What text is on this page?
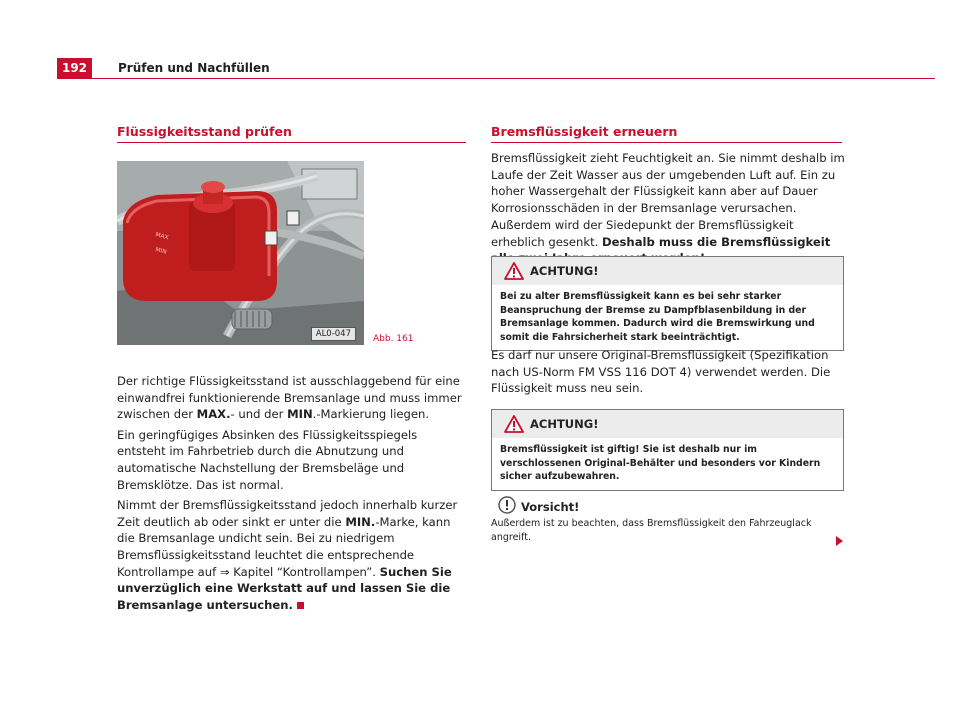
192	Prüfen und Nachfüllen
Flüssigkeitsstand prüfen
MAX
MIN
AL0-047	Abb. 161

Der richtige Flüssigkeitsstand ist ausschlaggebend für eine einwandfrei funktionierende Bremsanlage und muss immer zwischen der MAX.- und der MIN.-Markierung liegen.

Ein geringfügiges Absinken des Flüssigkeitsspiegels entsteht im Fahrbetrieb durch die Abnutzung und automatische Nachstellung der Bremsbeläge und Bremsklötze. Das ist normal.

Nimmt der Bremsflüssigkeitsstand jedoch innerhalb kurzer Zeit deutlich ab oder sinkt er unter die MIN.-Marke, kann die Bremsanlage undicht sein. Bei zu niedrigem Bremsflüssigkeitsstand leuchtet die entsprechende Kontrollampe auf ⇒ Kapitel “Kontrollampen”. Suchen Sie unverzüglich eine Werkstatt auf und lassen Sie die Bremsanlage untersuchen.

Bremsflüssigkeit erneuern

Bremsflüssigkeit zieht Feuchtigkeit an. Sie nimmt deshalb im Laufe der Zeit Wasser aus der umgebenden Luft auf. Ein zu hoher Wassergehalt der Flüssigkeit kann aber auf Dauer Korrosionsschäden in der Bremsanlage verursachen. Außerdem wird der Siedepunkt der Bremsflüssigkeit erheblich gesenkt. Deshalb muss die Bremsflüssigkeit

ACHTUNG!
Bei zu alter Bremsflüssigkeit kann es bei sehr starker Beanspruchung der Bremse zu Dampfblasenbildung in der Bremsanlage kommen. Dadurch wird die Bremswirkung und somit die Fahrsicherheit stark beeinträchtigt.

Es darf nur unsere Original-Bremsflüssigkeit (Spezifikation nach US-Norm FM VSS 116 DOT 4) verwendet werden. Die Flüssigkeit muss neu sein.

ACHTUNG!
Bremsflüssigkeit ist giftig! Sie ist deshalb nur im verschlossenen Original-Behälter und besonders vor Kindern sicher aufzubewahren.
Vorsicht!
Außerdem ist zu beachten, dass Bremsflüssigkeit den Fahrzeuglack angreift.
